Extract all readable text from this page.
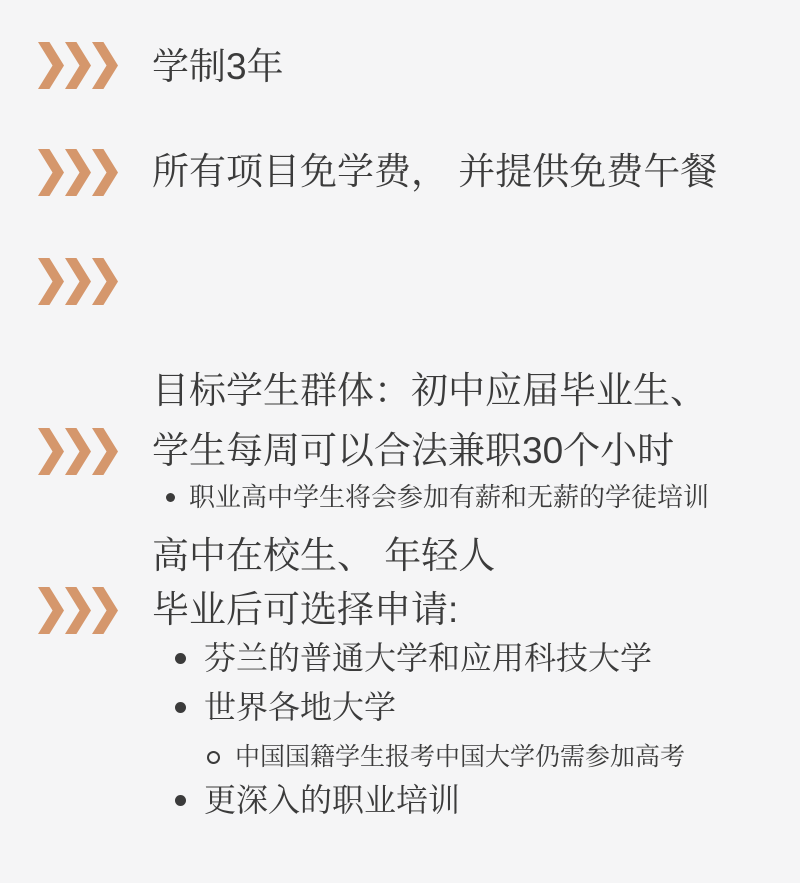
学制3年
所有项目免学费， 并提供免费午餐

目标学生群体：初中应届毕业生、

高中在校生、 年轻人

学生每周可以合法兼职30个小时
职业高中学生将会参加有薪和无薪的学徒培训
毕业后可选择申请:
芬兰的普通大学和应用科技大学
世界各地大学
中国国籍学生报考中国大学仍需参加高考
更深入的职业培训
